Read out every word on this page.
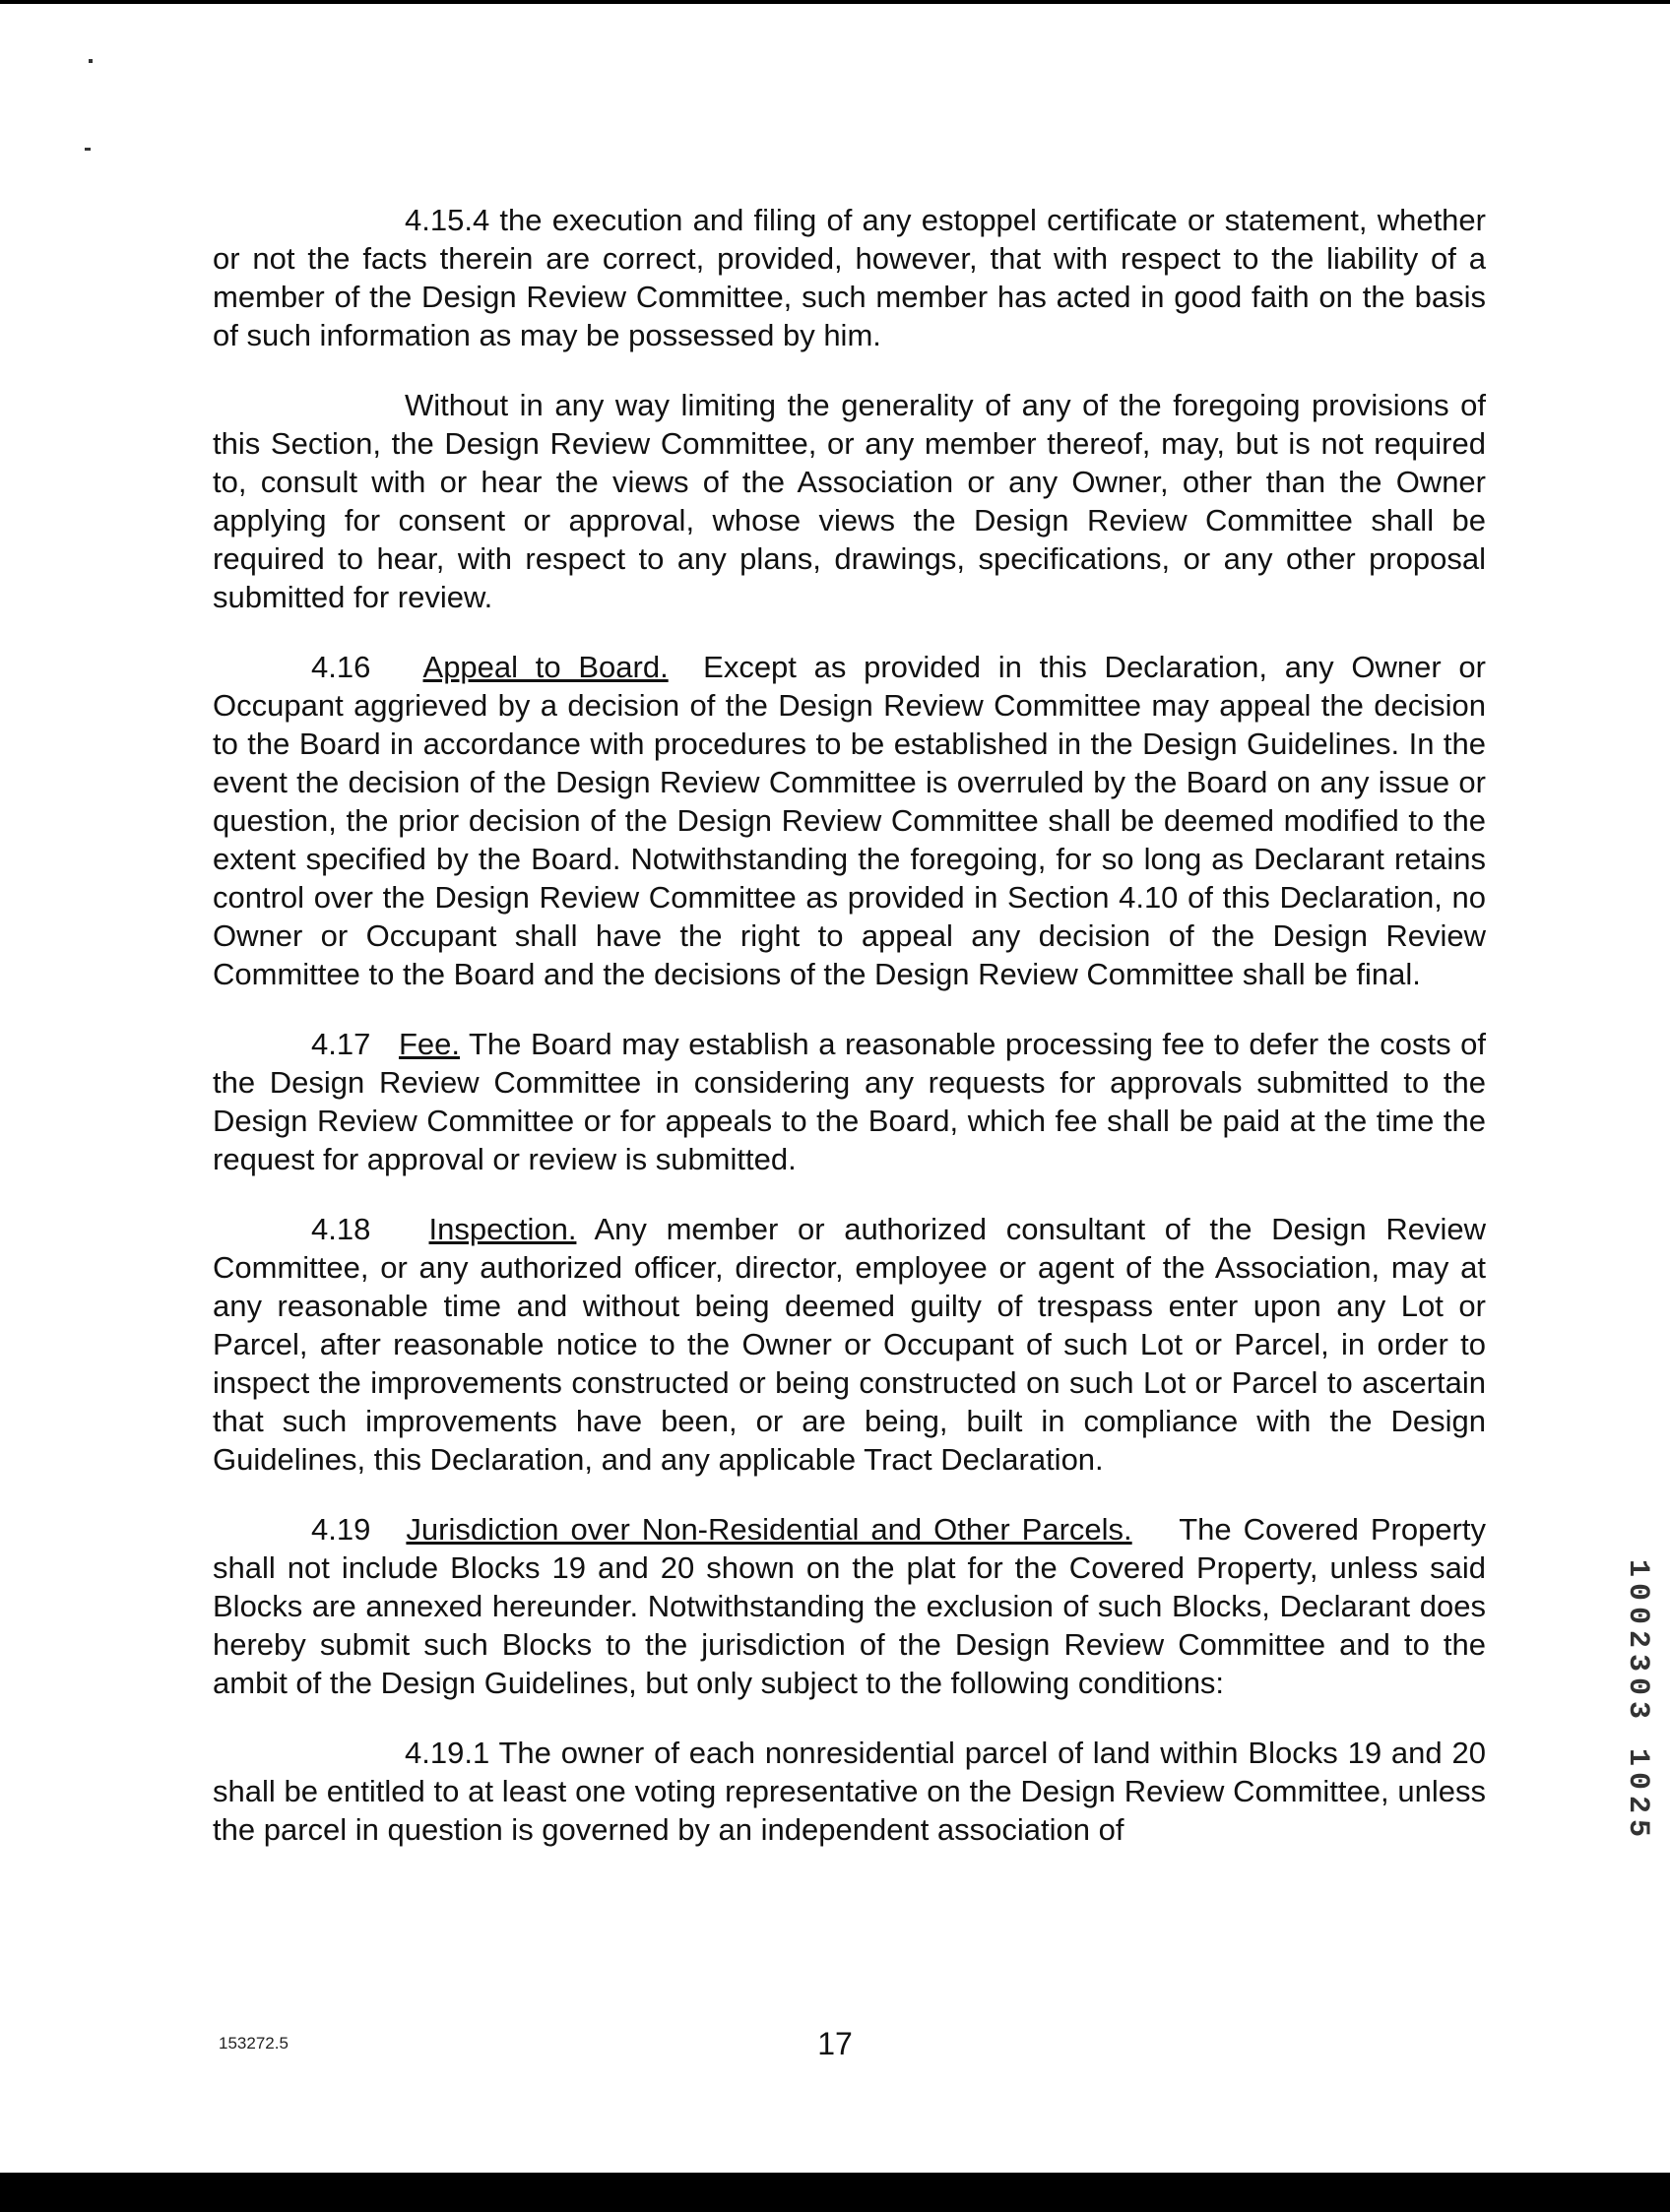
4.15.4 the execution and filing of any estoppel certificate or statement, whether or not the facts therein are correct, provided, however, that with respect to the liability of a member of the Design Review Committee, such member has acted in good faith on the basis of such information as may be possessed by him.

Without in any way limiting the generality of any of the foregoing provisions of this Section, the Design Review Committee, or any member thereof, may, but is not required to, consult with or hear the views of the Association or any Owner, other than the Owner applying for consent or approval, whose views the Design Review Committee shall be required to hear, with respect to any plans, drawings, specifications, or any other proposal submitted for review.

4.16 Appeal to Board. Except as provided in this Declaration, any Owner or Occupant aggrieved by a decision of the Design Review Committee may appeal the decision to the Board in accordance with procedures to be established in the Design Guidelines. In the event the decision of the Design Review Committee is overruled by the Board on any issue or question, the prior decision of the Design Review Committee shall be deemed modified to the extent specified by the Board. Notwithstanding the foregoing, for so long as Declarant retains control over the Design Review Committee as provided in Section 4.10 of this Declaration, no Owner or Occupant shall have the right to appeal any decision of the Design Review Committee to the Board and the decisions of the Design Review Committee shall be final.

4.17 Fee. The Board may establish a reasonable processing fee to defer the costs of the Design Review Committee in considering any requests for approvals submitted to the Design Review Committee or for appeals to the Board, which fee shall be paid at the time the request for approval or review is submitted.

4.18 Inspection. Any member or authorized consultant of the Design Review Committee, or any authorized officer, director, employee or agent of the Association, may at any reasonable time and without being deemed guilty of trespass enter upon any Lot or Parcel, after reasonable notice to the Owner or Occupant of such Lot or Parcel, in order to inspect the improvements constructed or being constructed on such Lot or Parcel to ascertain that such improvements have been, or are being, built in compliance with the Design Guidelines, this Declaration, and any applicable Tract Declaration.

4.19 Jurisdiction over Non-Residential and Other Parcels. The Covered Property shall not include Blocks 19 and 20 shown on the plat for the Covered Property, unless said Blocks are annexed hereunder. Notwithstanding the exclusion of such Blocks, Declarant does hereby submit such Blocks to the jurisdiction of the Design Review Committee and to the ambit of the Design Guidelines, but only subject to the following conditions:

4.19.1 The owner of each nonresidential parcel of land within Blocks 19 and 20 shall be entitled to at least one voting representative on the Design Review Committee, unless the parcel in question is governed by an independent association of	1002303 1025
17
153272.5
